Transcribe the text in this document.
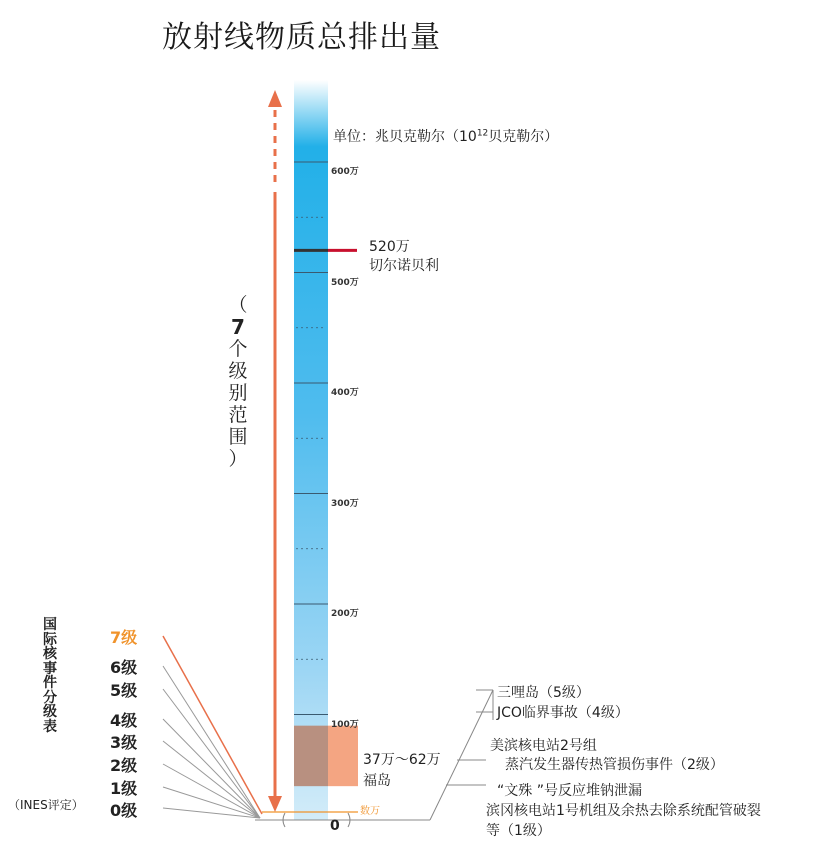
放射线物质总排出量
单位：兆贝克勒尔（$10^{12}$贝克勒尔）
600万
500万
400万
300万
200万
100万
520万
切尔诺贝利
37万～62万
福岛
0
数万
（
7
个
级
别
范
围
）
国际核事件分级表
（INES评定）
7级
6级
5级
4级
3级
2级
1级
0级
三哩岛（5级）
JCO临界事故（4级）
美滨核电站2号组
蒸汽发生器传热管损伤事件（2级）
“文殊 ”号反应堆钠泄漏
滨冈核电站1号机组及余热去除系统配管破裂
等（1级）
